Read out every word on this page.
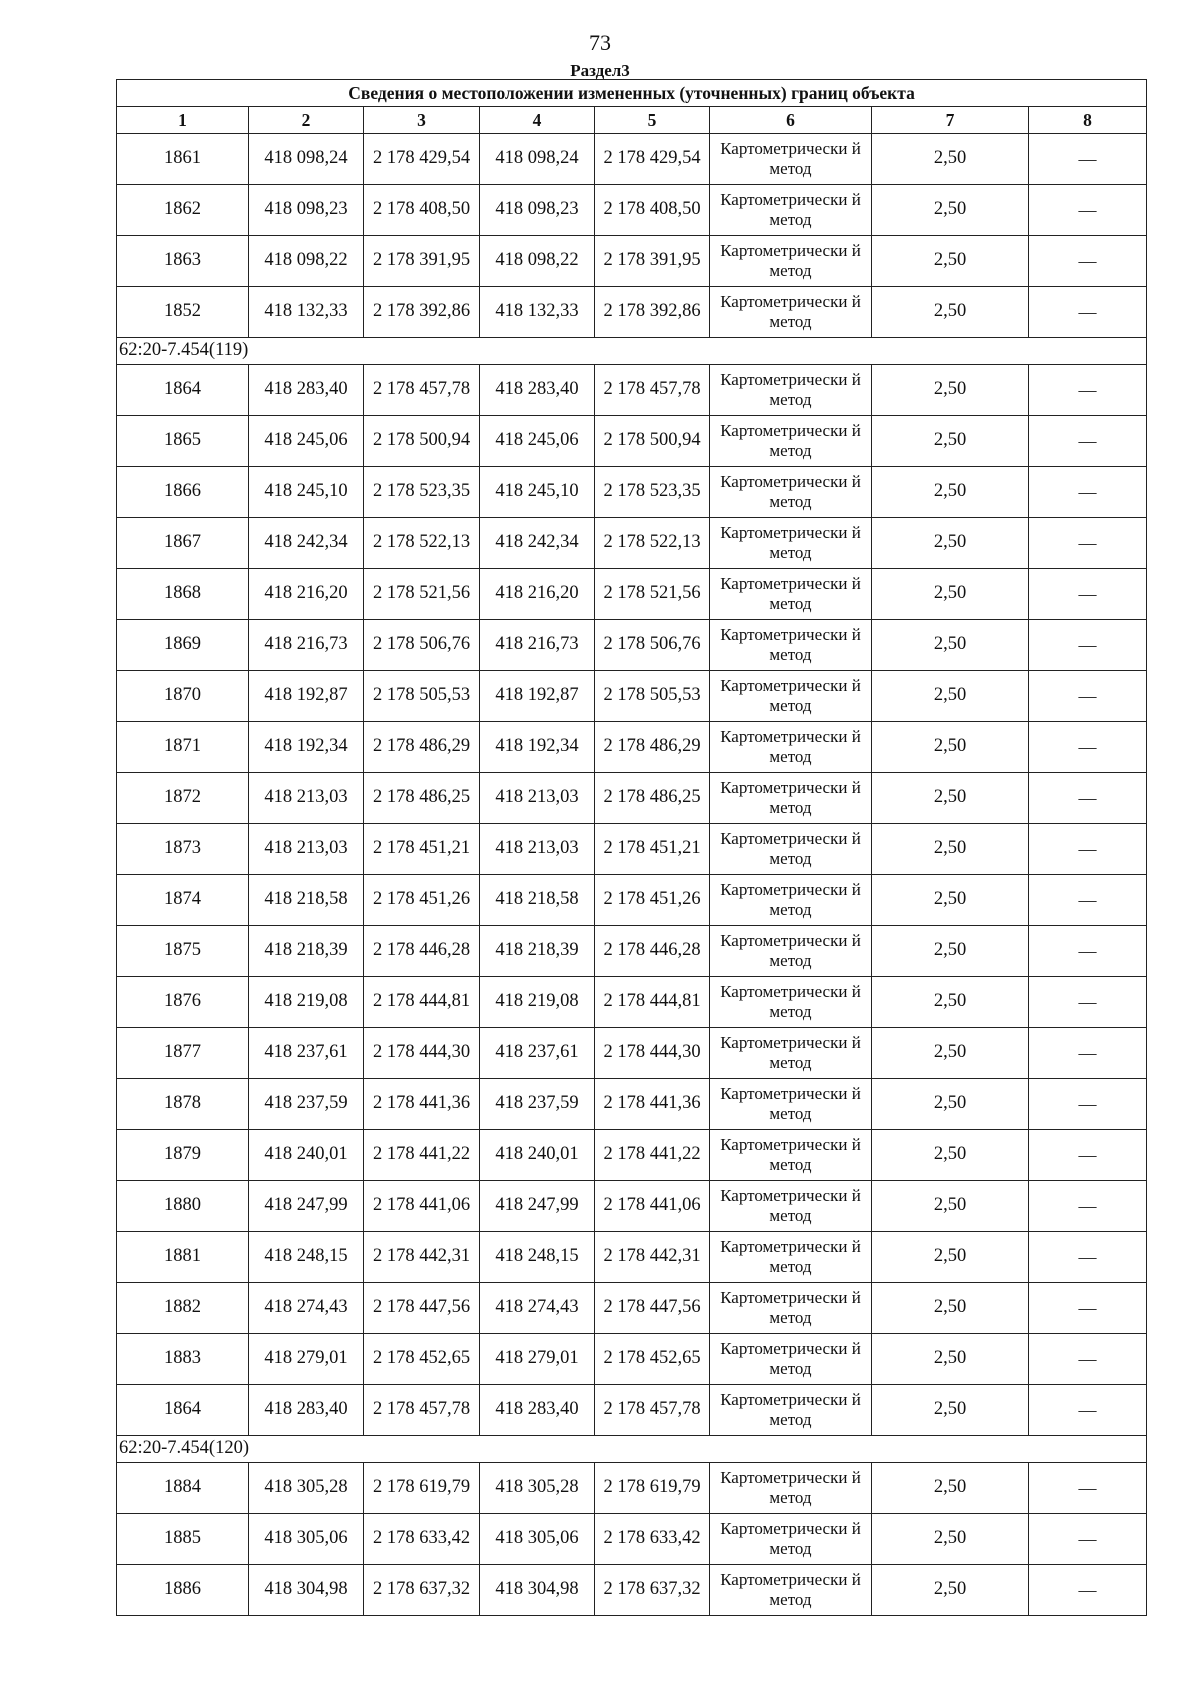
73
Раздел3
Сведения о местоположении измененных (уточненных) границ объекта							
1	2	3	4	5	6	7	8
1861	418 098,24	2 178 429,54	418 098,24	2 178 429,54	Картометрически й метод	2,50	—
1862	418 098,23	2 178 408,50	418 098,23	2 178 408,50	Картометрически й метод	2,50	—
1863	418 098,22	2 178 391,95	418 098,22	2 178 391,95	Картометрически й метод	2,50	—
1852	418 132,33	2 178 392,86	418 132,33	2 178 392,86	Картометрически й метод	2,50	—
62:20-7.454(119)							
1864	418 283,40	2 178 457,78	418 283,40	2 178 457,78	Картометрически й метод	2,50	—
1865	418 245,06	2 178 500,94	418 245,06	2 178 500,94	Картометрически й метод	2,50	—
1866	418 245,10	2 178 523,35	418 245,10	2 178 523,35	Картометрически й метод	2,50	—
1867	418 242,34	2 178 522,13	418 242,34	2 178 522,13	Картометрически й метод	2,50	—
1868	418 216,20	2 178 521,56	418 216,20	2 178 521,56	Картометрически й метод	2,50	—
1869	418 216,73	2 178 506,76	418 216,73	2 178 506,76	Картометрически й метод	2,50	—
1870	418 192,87	2 178 505,53	418 192,87	2 178 505,53	Картометрически й метод	2,50	—
1871	418 192,34	2 178 486,29	418 192,34	2 178 486,29	Картометрически й метод	2,50	—
1872	418 213,03	2 178 486,25	418 213,03	2 178 486,25	Картометрически й метод	2,50	—
1873	418 213,03	2 178 451,21	418 213,03	2 178 451,21	Картометрически й метод	2,50	—
1874	418 218,58	2 178 451,26	418 218,58	2 178 451,26	Картометрически й метод	2,50	—
1875	418 218,39	2 178 446,28	418 218,39	2 178 446,28	Картометрически й метод	2,50	—
1876	418 219,08	2 178 444,81	418 219,08	2 178 444,81	Картометрически й метод	2,50	—
1877	418 237,61	2 178 444,30	418 237,61	2 178 444,30	Картометрически й метод	2,50	—
1878	418 237,59	2 178 441,36	418 237,59	2 178 441,36	Картометрически й метод	2,50	—
1879	418 240,01	2 178 441,22	418 240,01	2 178 441,22	Картометрически й метод	2,50	—
1880	418 247,99	2 178 441,06	418 247,99	2 178 441,06	Картометрически й метод	2,50	—
1881	418 248,15	2 178 442,31	418 248,15	2 178 442,31	Картометрически й метод	2,50	—
1882	418 274,43	2 178 447,56	418 274,43	2 178 447,56	Картометрически й метод	2,50	—
1883	418 279,01	2 178 452,65	418 279,01	2 178 452,65	Картометрически й метод	2,50	—
1864	418 283,40	2 178 457,78	418 283,40	2 178 457,78	Картометрически й метод	2,50	—
62:20-7.454(120)							
1884	418 305,28	2 178 619,79	418 305,28	2 178 619,79	Картометрически й метод	2,50	—
1885	418 305,06	2 178 633,42	418 305,06	2 178 633,42	Картометрически й метод	2,50	—
1886	418 304,98	2 178 637,32	418 304,98	2 178 637,32	Картометрически й метод	2,50	—
